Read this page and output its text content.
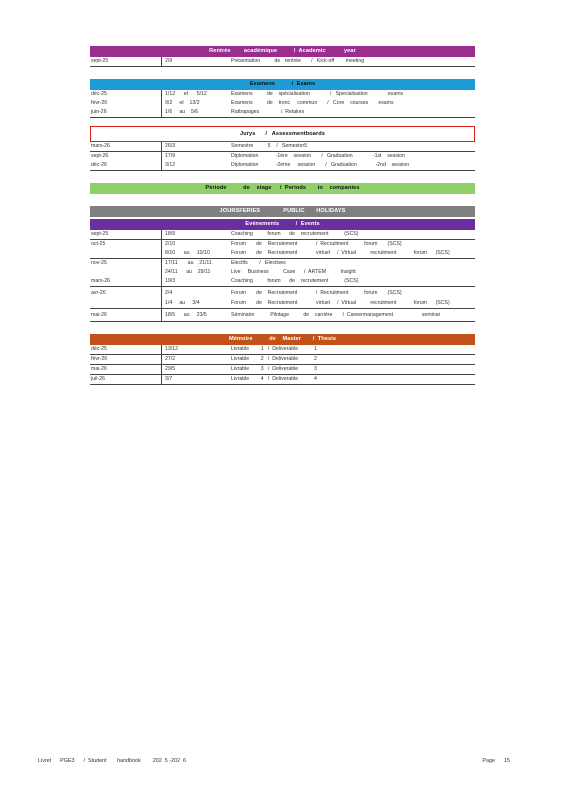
Rentrée        académique          /  Academic           year
sept-25	2/9	Présentation          de   rentrée       /   Kick-off        meeting
Examens          /  Exams
déc-25	1/12      et      5/12	Examens          de    spécialisation              /   Specialisation              exams
févr-26	9/2     et    13/2	Examens          de    tronc     commun       /   Core    courses       exams
juin-26	1/6     au    5/6	Rattrapages               /  Retakes
Jurys      /   Assessmentboards
mars-26	26/3	Semestre          5    /   Semester5
sept-26	17/9	Diplomation            -1ère    session       /   Graduation              -1st    session
déc-26	3/12	Diplomation            -2ème     session       /   Graduation             -2nd    session
Période          de    stage     /  Periods       in    companies
JOURSFERIES              PUBLIC       HOLIDAYS
Evénements          /  Events
sept-25	18/9	Coaching          forum      de    recrutement           (SCS)
oct-25	2/10	Forum       de    Recrutement             /  Recruitment           forum       (SCS)
8/10      au     10/10	Forum       de    Recrutement             virtuel     /  Virtual          recruitment            forum      (SCS)
nov-25	17/11       au    21/11	Electifs        /   Electives
24/11      au    29/11	Live     Business          Case      /  ARTEM          Insight
mars-26	19/3	Coaching          forum      de    recrutement           (SCS)
avr-26	2/4	Forum       de    Recrutement             /  Recruitment           forum       (SCS)
1/4     au     3/4	Forum       de    Recrutement             virtuel     /  Virtual          recruitment            forum      (SCS)
mai-26	18/5      au     23/5	Séminaire           Pilotage          de    carrière       /  Careermanagement                    seminar
Mémoire          de    Master       /  Thesis
déc-25	13/12	Livrable        1   /  Deliverable           1
févr-26	27/2	Livrable        2   /  Deliverable           2
mai-26	29/5	Livrable        3   /  Deliverable           3
juil-26	3/7	Livrable        4   /  Deliverable           4
Livret      PGE3      /  Student       handbook        202  5 -202  6	Page      15
